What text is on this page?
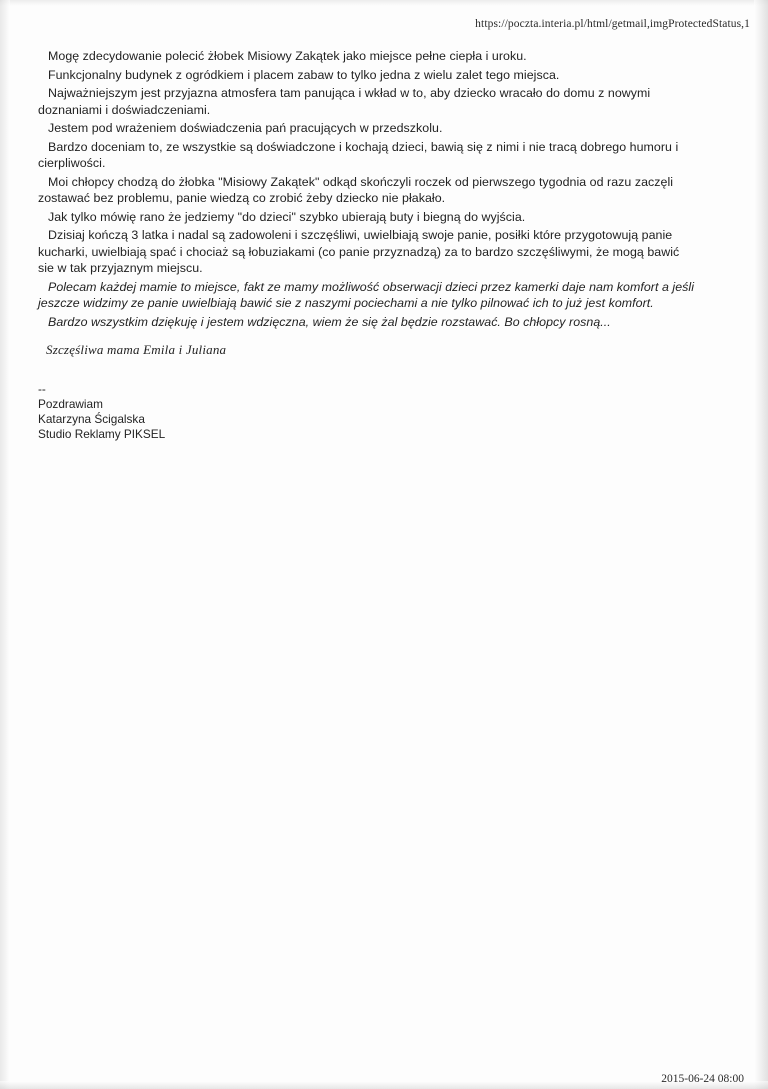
https://poczta.interia.pl/html/getmail,imgProtectedStatus,1

Mogę zdecydowanie polecić żłobek Misiowy Zakątek jako miejsce pełne ciepła i uroku.

Funkcjonalny budynek z ogródkiem i placem zabaw to tylko jedna z wielu zalet tego miejsca.

Najważniejszym jest przyjazna atmosfera tam panująca i wkład w to, aby dziecko wracało do domu z nowymi doznaniami i doświadczeniami.

Jestem pod wrażeniem doświadczenia pań pracujących w przedszkolu.

Bardzo doceniam to, ze wszystkie są doświadczone i kochają dzieci, bawią się z nimi i nie tracą dobrego humoru i cierpliwości.

Moi chłopcy chodzą do żłobka "Misiowy Zakątek" odkąd skończyli roczek od pierwszego tygodnia od razu zaczęli zostawać bez problemu, panie wiedzą co zrobić żeby dziecko nie płakało.

Jak tylko mówię rano że jedziemy "do dzieci" szybko ubierają buty i biegną do wyjścia.

Dzisiaj kończą 3 latka i nadal są zadowoleni i szczęśliwi, uwielbiają swoje panie, posiłki które przygotowują panie kucharki, uwielbiają spać i chociaż są łobuziakami (co panie przyznadzą) za to bardzo szczęśliwymi, że mogą bawić sie w tak przyjaznym miejscu.

Polecam każdej mamie to miejsce, fakt ze mamy możliwość obserwacji dzieci przez kamerki daje nam komfort a jeśli jeszcze widzimy ze panie uwielbiają bawić sie z naszymi pociechami a nie tylko pilnować ich to już jest komfort.

Bardzo wszystkim dziękuję i jestem wdzięczna, wiem że się żal będzie rozstawać. Bo chłopcy rosną...

Szczęśliwa mama Emila i Juliana
--
Pozdrawiam
Katarzyna Ścigalska
Studio Reklamy PIKSEL
2015-06-24 08:00
